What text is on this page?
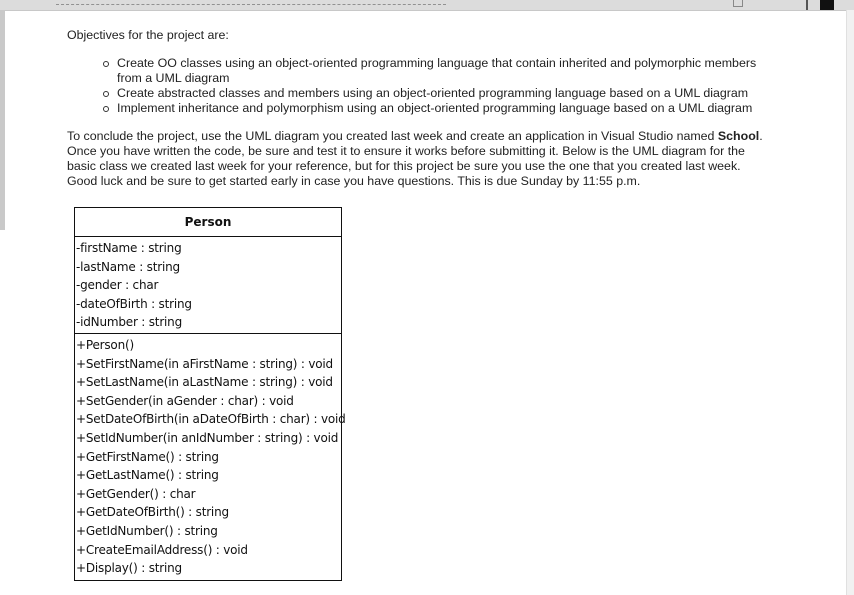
Objectives for the project are:

Create OO classes using an object-oriented programming language that contain inherited and polymorphic members
from a UML diagram
Create abstracted classes and members using an object-oriented programming language based on a UML diagram
Implement inheritance and polymorphism using an object-oriented programming language based on a UML diagram

To conclude the project, use the UML diagram you created last week and create an application in Visual Studio named School.
Once you have written the code, be sure and test it to ensure it works before submitting it. Below is the UML diagram for the
basic class we created last week for your reference, but for this project be sure you use the one that you created last week.
Good luck and be sure to get started early in case you have questions. This is due Sunday by 11:55 p.m.

Person
-firstName : string
-lastName : string
-gender : char
-dateOfBirth : string
-idNumber : string
+Person()
+SetFirstName(in aFirstName : string) : void
+SetLastName(in aLastName : string) : void
+SetGender(in aGender : char) : void
+SetDateOfBirth(in aDateOfBirth : char) : void
+SetIdNumber(in anIdNumber : string) : void
+GetFirstName() : string
+GetLastName() : string
+GetGender() : char
+GetDateOfBirth() : string
+GetIdNumber() : string
+CreateEmailAddress() : void
+Display() : string
